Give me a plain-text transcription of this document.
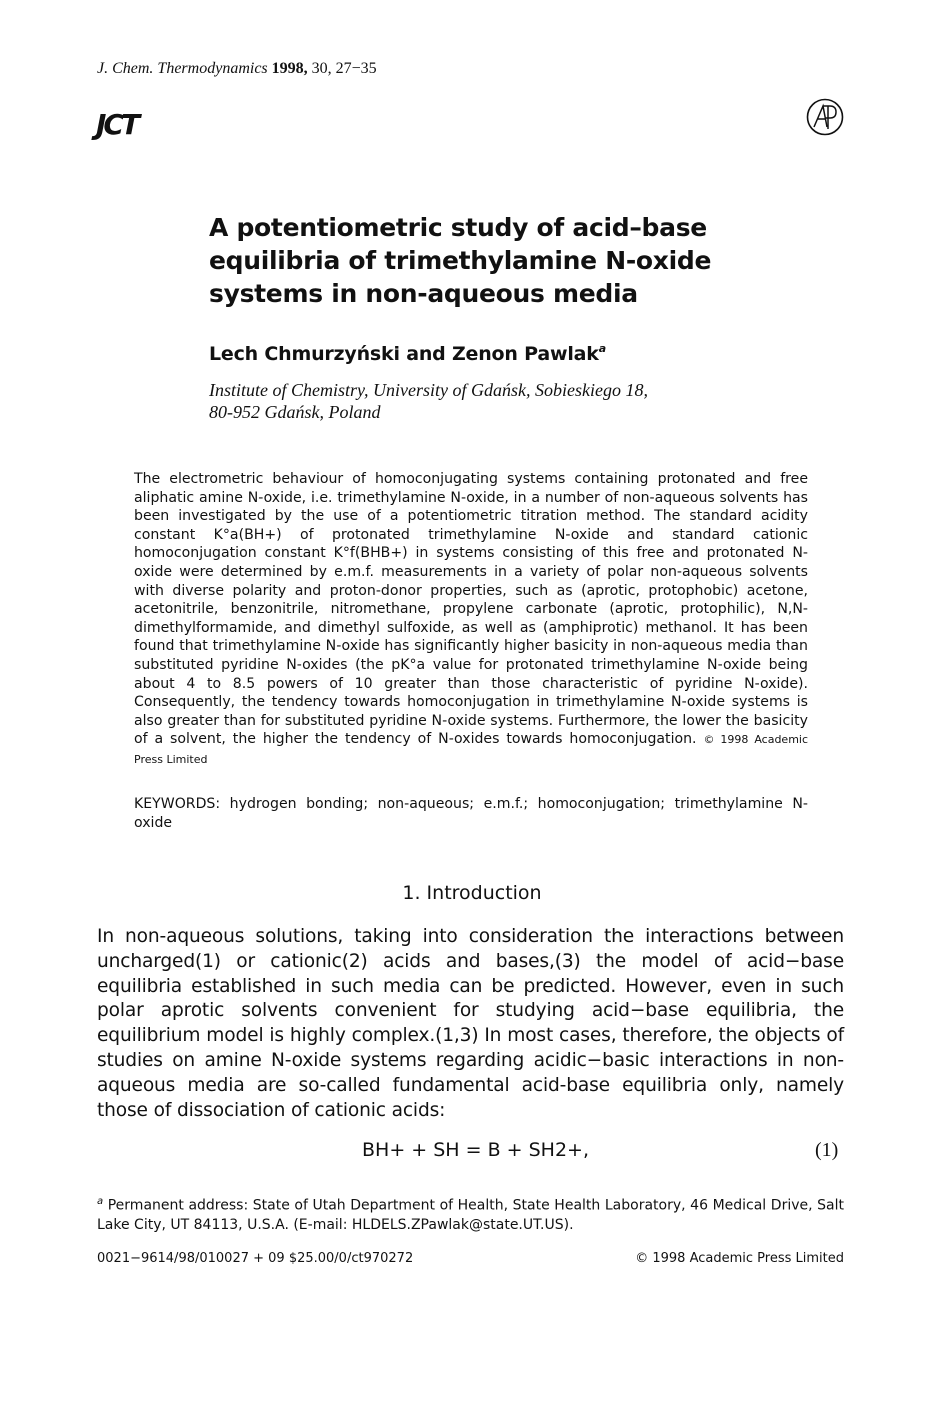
J. Chem. Thermodynamics 1998, 30, 27−35
JCT
A potentiometric study of acid–base equilibria of trimethylamine N-oxide systems in non-aqueous media
Lech Chmurzyński and Zenon Pawlak$^a$
Institute of Chemistry, University of Gdańsk, Sobieskiego 18,
80-952 Gdańsk, Poland
The electrometric behaviour of homoconjugating systems containing protonated and free aliphatic amine N-oxide, i.e. trimethylamine N-oxide, in a number of non-aqueous solvents has been investigated by the use of a potentiometric titration method. The standard acidity constant K°a(BH+) of protonated trimethylamine N-oxide and standard cationic homoconjugation constant K°f(BHB+) in systems consisting of this free and protonated N-oxide were determined by e.m.f. measurements in a variety of polar non-aqueous solvents with diverse polarity and proton-donor properties, such as (aprotic, protophobic) acetone, acetonitrile, benzonitrile, nitromethane, propylene carbonate (aprotic, protophilic), N,N-dimethylformamide, and dimethyl sulfoxide, as well as (amphiprotic) methanol. It has been found that trimethylamine N-oxide has significantly higher basicity in non-aqueous media than substituted pyridine N-oxides (the pK°a value for protonated trimethylamine N-oxide being about 4 to 8.5 powers of 10 greater than those characteristic of pyridine N-oxide). Consequently, the tendency towards homoconjugation in trimethylamine N-oxide systems is also greater than for substituted pyridine N-oxide systems. Furthermore, the lower the basicity of a solvent, the higher the tendency of N-oxides towards homoconjugation. © 1998 Academic Press Limited
KEYWORDS: hydrogen bonding; non-aqueous; e.m.f.; homoconjugation; trimethylamine N-oxide
1. Introduction
In non-aqueous solutions, taking into consideration the interactions between uncharged(1) or cationic(2) acids and bases,(3) the model of acid−base equilibria established in such media can be predicted. However, even in such polar aprotic solvents convenient for studying acid−base equilibria, the equilibrium model is highly complex.(1,3) In most cases, therefore, the objects of studies on amine N-oxide systems regarding acidic−basic interactions in non-aqueous media are so-called fundamental acid-base equilibria only, namely those of dissociation of cationic acids:
BH+ + SH = B + SH2+,	(1)
$^a$ Permanent address: State of Utah Department of Health, State Health Laboratory, 46 Medical Drive, Salt Lake City, UT 84113, U.S.A. (E-mail: HLDELS.ZPawlak@state.UT.US).
0021−9614/98/010027 + 09 $25.00/0/ct970272	© 1998 Academic Press Limited
